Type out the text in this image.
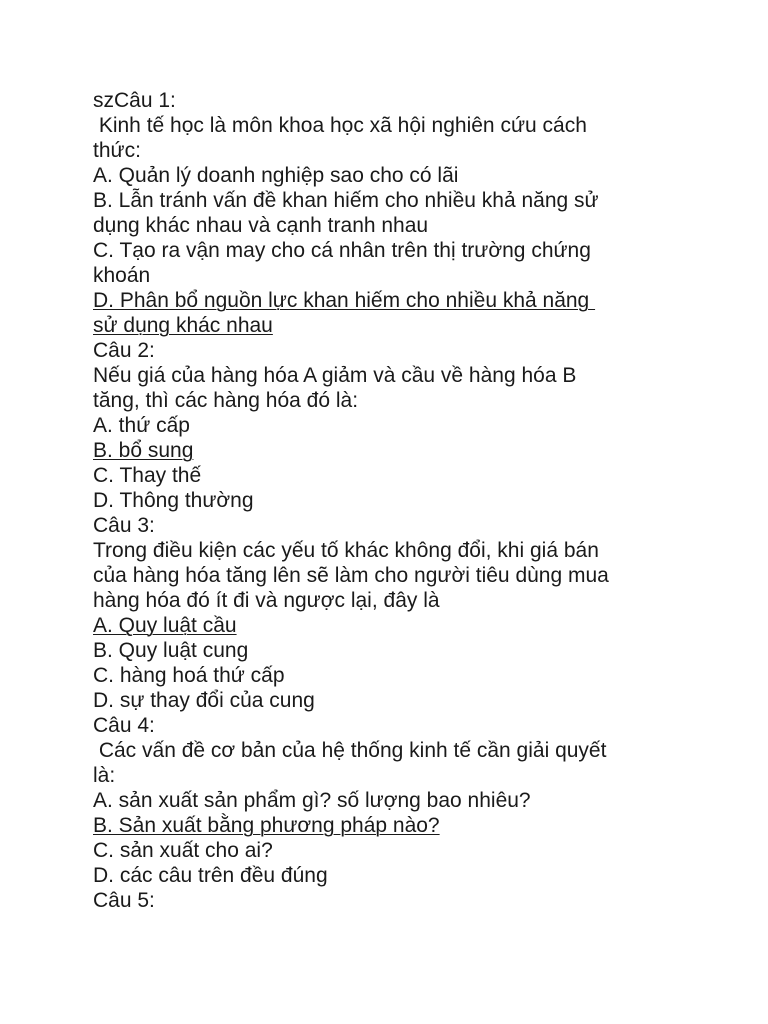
szCâu 1:
Kinh tế học là môn khoa học xã hội nghiên cứu cách
thức:
A. Quản lý doanh nghiệp sao cho có lãi
B. Lẫn tránh vấn đề khan hiếm cho nhiều khả năng sử
dụng khác nhau và cạnh tranh nhau
C. Tạo ra vận may cho cá nhân trên thị trường chứng
khoán
D. Phân bổ nguồn lực khan hiếm cho nhiều khả năng
sử dụng khác nhau
Câu 2:
Nếu giá của hàng hóa A giảm và cầu về hàng hóa B
tăng, thì các hàng hóa đó là:
A. thứ cấp
B. bổ sung
C. Thay thế
D. Thông thường
Câu 3:
Trong điều kiện các yếu tố khác không đổi, khi giá bán
của hàng hóa tăng lên sẽ làm cho người tiêu dùng mua
hàng hóa đó ít đi và ngược lại, đây là
A. Quy luật cầu
B. Quy luật cung
C. hàng hoá thứ cấp
D. sự thay đổi của cung
Câu 4:
Các vấn đề cơ bản của hệ thống kinh tế cần giải quyết
là:
A. sản xuất sản phẩm gì? số lượng bao nhiêu?
B. Sản xuất bằng phương pháp nào?
C. sản xuất cho ai?
D. các câu trên đều đúng
Câu 5:
